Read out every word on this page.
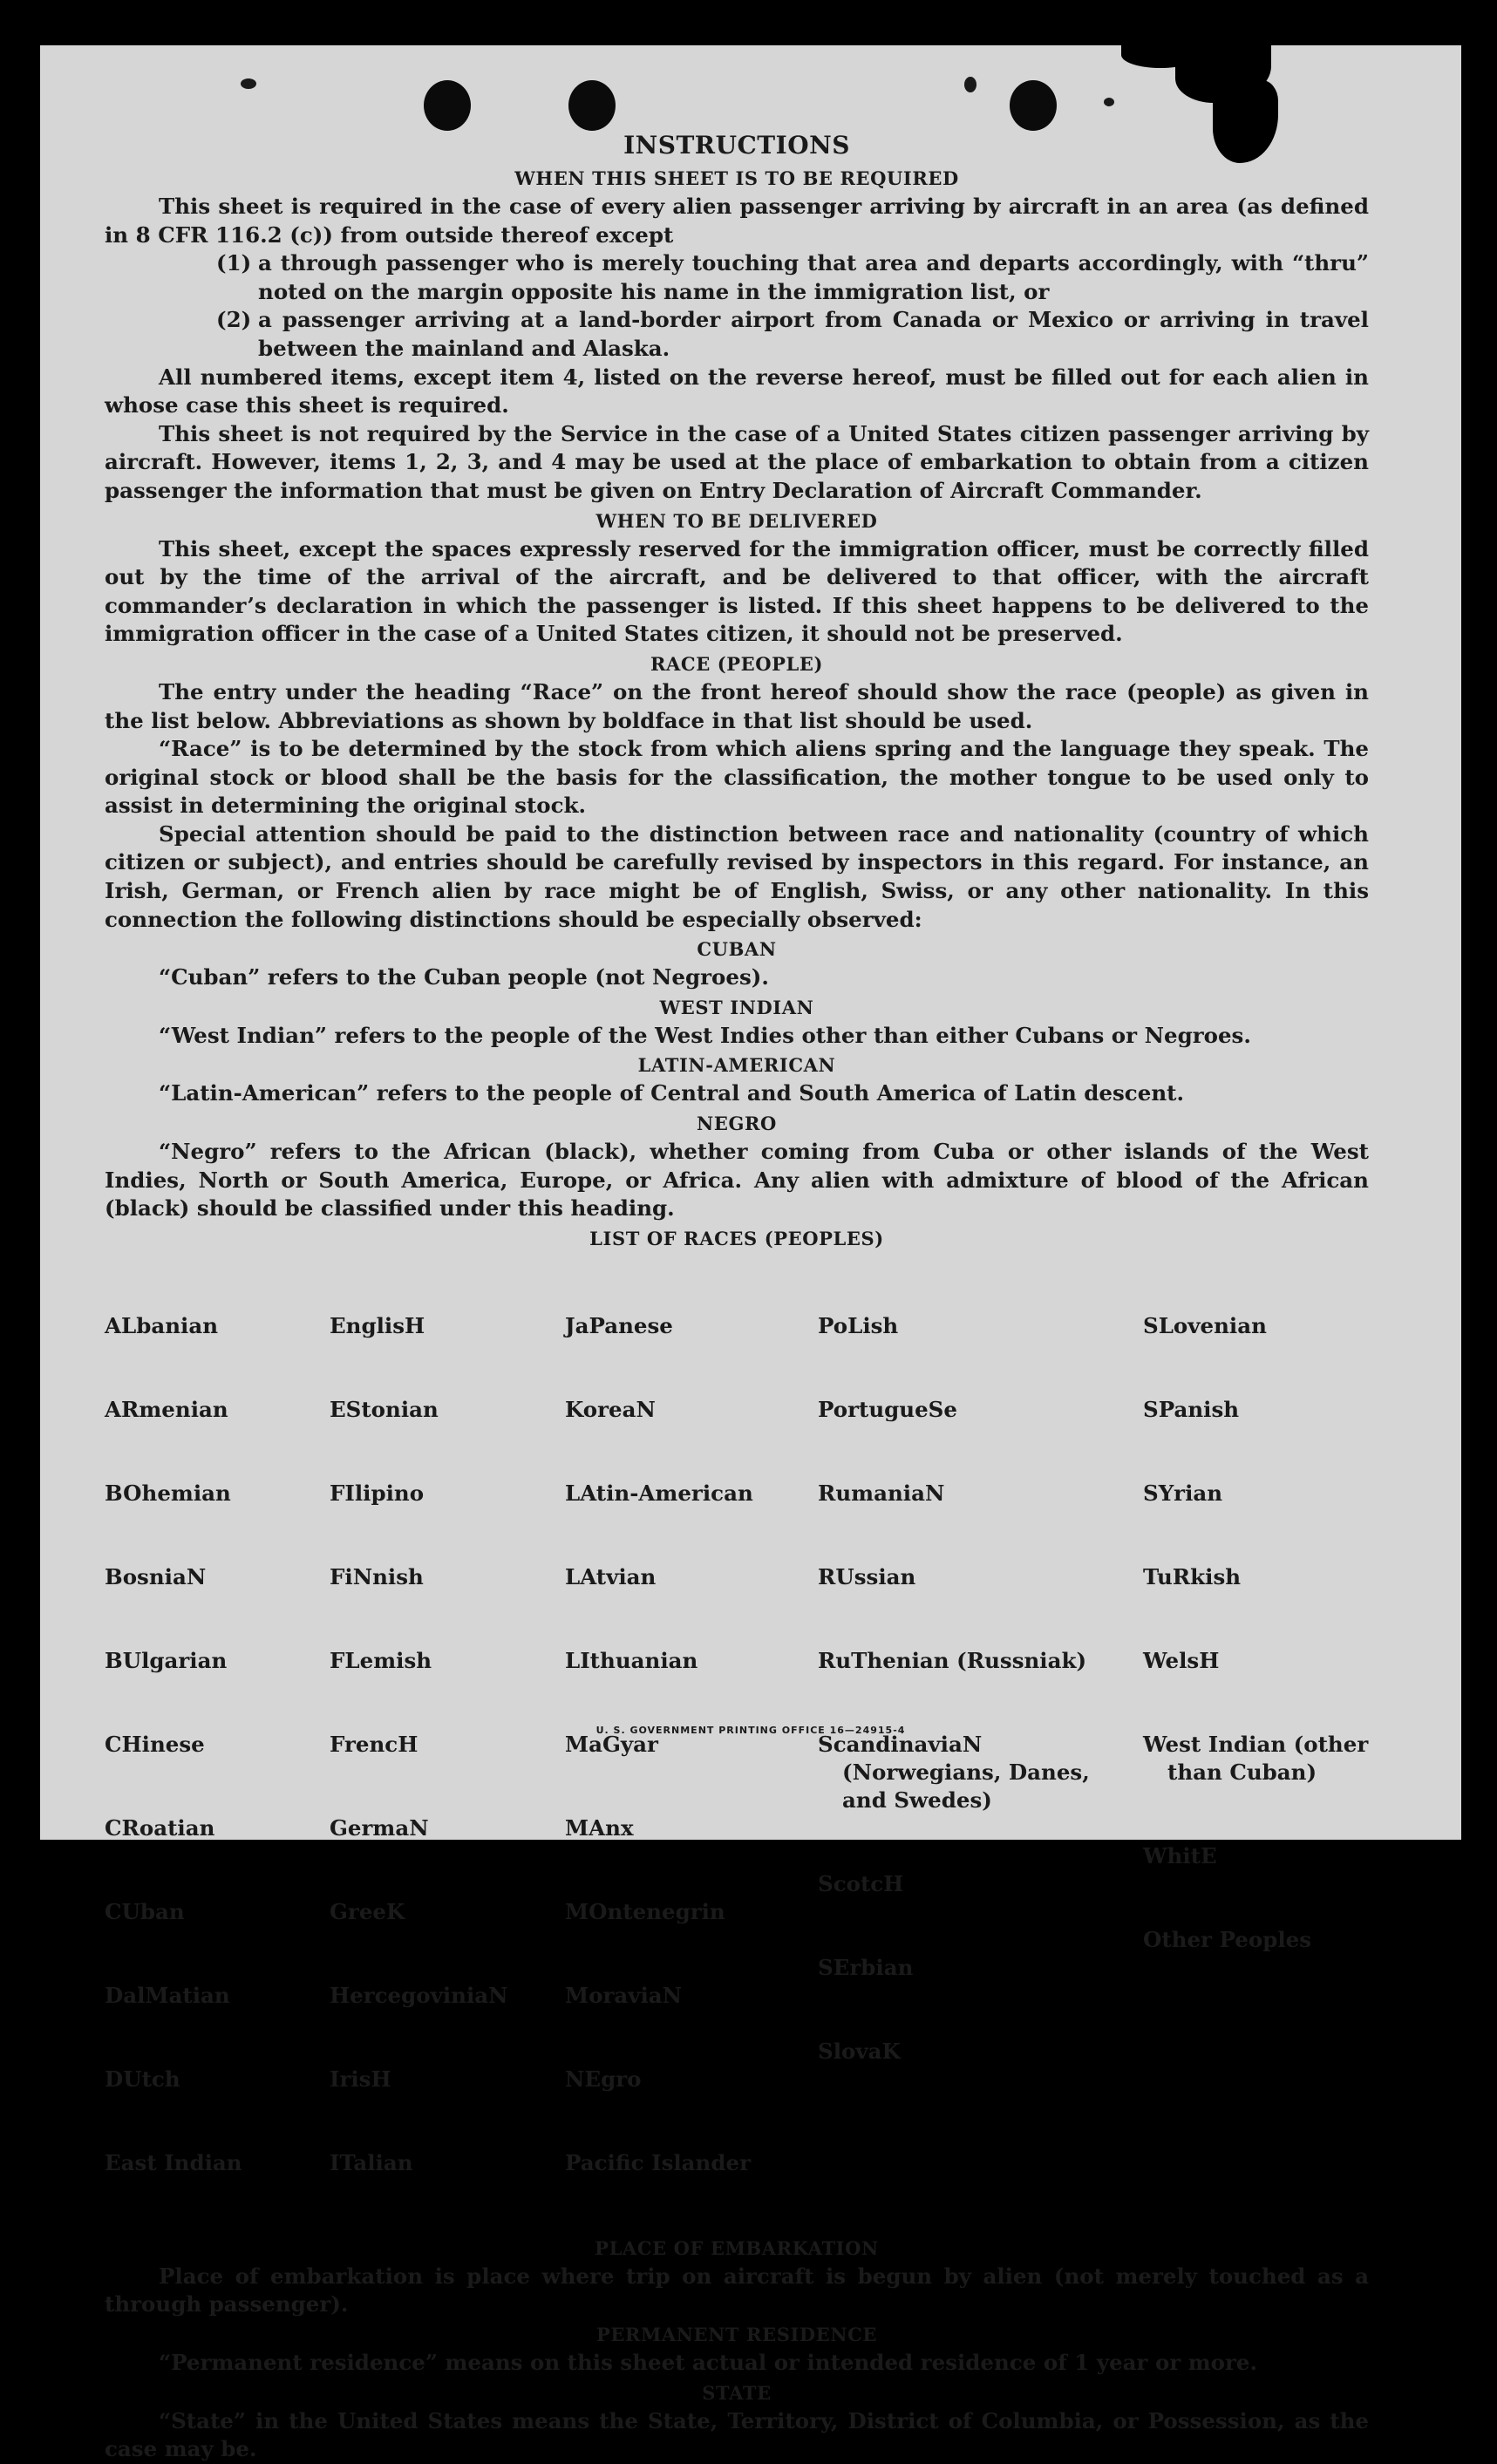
INSTRUCTIONS
WHEN THIS SHEET IS TO BE REQUIRED

This sheet is required in the case of every alien passenger arriving by aircraft in an area (as defined in 8 CFR 116.2 (c)) from outside thereof except

(1) a through passenger who is merely touching that area and departs accordingly, with “thru” noted on the margin opposite his name in the immigration list, or

(2) a passenger arriving at a land-border airport from Canada or Mexico or arriving in travel between the mainland and Alaska.

All numbered items, except item 4, listed on the reverse hereof, must be filled out for each alien in whose case this sheet is required.

This sheet is not required by the Service in the case of a United States citizen passenger arriving by aircraft. However, items 1, 2, 3, and 4 may be used at the place of embarkation to obtain from a citizen passenger the information that must be given on Entry Declaration of Aircraft Commander.

WHEN TO BE DELIVERED

This sheet, except the spaces expressly reserved for the immigration officer, must be correctly filled out by the time of the arrival of the aircraft, and be delivered to that officer, with the aircraft commander’s declaration in which the passenger is listed. If this sheet happens to be delivered to the immigration officer in the case of a United States citizen, it should not be preserved.

RACE (PEOPLE)

The entry under the heading “Race” on the front hereof should show the race (people) as given in the list below. Abbreviations as shown by boldface in that list should be used.

“Race” is to be determined by the stock from which aliens spring and the language they speak. The original stock or blood shall be the basis for the classification, the mother tongue to be used only to assist in determining the original stock.

Special attention should be paid to the distinction between race and nationality (country of which citizen or subject), and entries should be carefully revised by inspectors in this regard. For instance, an Irish, German, or French alien by race might be of English, Swiss, or any other nationality. In this connection the following distinctions should be especially observed:

CUBAN

“Cuban” refers to the Cuban people (not Negroes).

WEST INDIAN

“West Indian” refers to the people of the West Indies other than either Cubans or Negroes.

LATIN-AMERICAN

“Latin-American” refers to the people of Central and South America of Latin descent.

NEGRO

“Negro” refers to the African (black), whether coming from Cuba or other islands of the West Indies, North or South America, Europe, or Africa. Any alien with admixture of blood of the African (black) should be classified under this heading.

LIST OF RACES (PEOPLES)

ALbanian

ARmenian

BOhemian

BosniaN

BUlgarian

CHinese

CRoatian

CUban

DalMatian

DUtch

East Indian

EnglisH

EStonian

FIlipino

FiNnish

FLemish

FrencH

GermaN

GreeK

HercegoviniaN

IrisH

ITalian

JaPanese

KoreaN

LAtin-American

LAtvian

LIthuanian

MaGyar

MAnx

MOntenegrin

MoraviaN

NEgro

Pacific Islander

PoLish

PortugueSe

RumaniaN

RUssian

RuThenian (Russniak)

ScandinaviaN (Norwegians, Danes, and Swedes)

ScotcH

SErbian

SlovaK

SLovenian

SPanish

SYrian

TuRkish

WelsH

West Indian (other than Cuban)

WhitE

Other Peoples

PLACE OF EMBARKATION

Place of embarkation is place where trip on aircraft is begun by alien (not merely touched as a through passenger).

PERMANENT RESIDENCE

“Permanent residence” means on this sheet actual or intended residence of 1 year or more.

STATE

“State” in the United States means the State, Territory, District of Columbia, or Possession, as the case may be.

U. S. GOVERNMENT PRINTING OFFICE 16—24915-4
